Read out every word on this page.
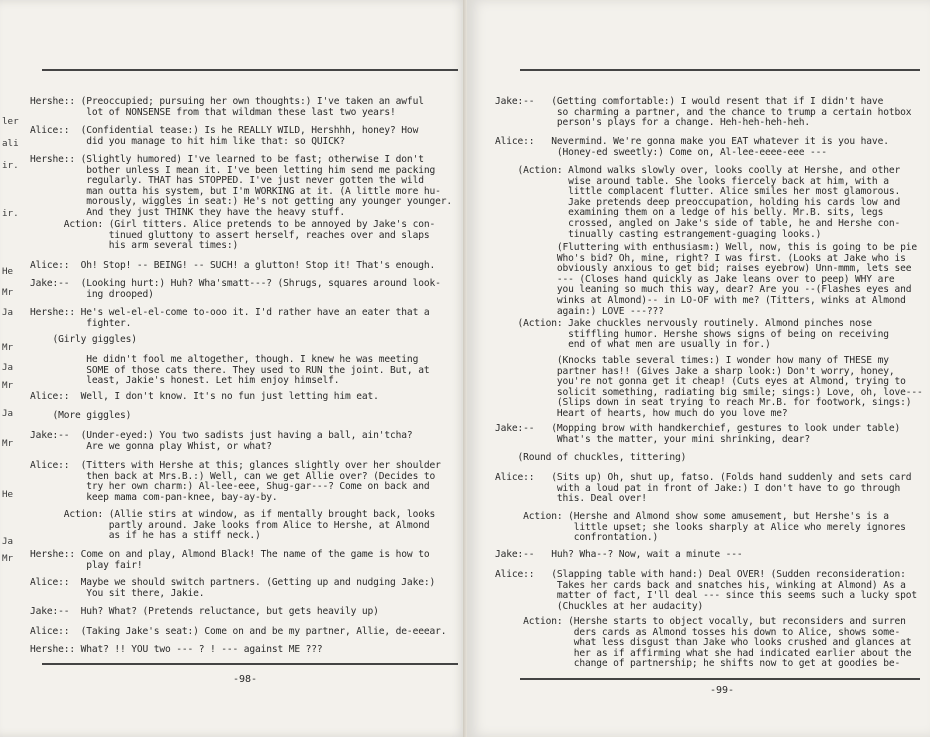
ler
ali
ir.
ir.
He
Mr
Ja
Mr
Ja
Mr
Ja
Mr
He
Ja
Mr
Hershe:: (Preoccupied; pursuing her own thoughts:) I've taken an awful
lot of NONSENSE from that wildman these last two years!
Alice::  (Confidential tease:) Is he REALLY WILD, Hershhh, honey? How
did you manage to hit him like that: so QUICK?
Hershe:: (Slightly humored) I've learned to be fast; otherwise I don't
bother unless I mean it. I've been letting him send me packing
regularly. THAT has STOPPED. I've just never gotten the wild
man outta his system, but I'm WORKING at it. (A little more hu-
morously, wiggles in seat:) He's not getting any younger younger.
And they just THINK they have the heavy stuff.
Action: (Girl titters. Alice pretends to be annoyed by Jake's con-
tinued gluttony to assert herself, reaches over and slaps
his arm several times:)
Alice::  Oh! Stop! -- BEING! -- SUCH! a glutton! Stop it! That's enough.
Jake:--  (Looking hurt:) Huh? Wha'smatt---? (Shrugs, squares around look-
ing drooped)
Hershe:: He's wel-el-el-come to-ooo it. I'd rather have an eater that a
fighter.
(Girly giggles)
He didn't fool me altogether, though. I knew he was meeting
SOME of those cats there. They used to RUN the joint. But, at
least, Jakie's honest. Let him enjoy himself.
Alice::  Well, I don't know. It's no fun just letting him eat.
(More giggles)
Jake:--  (Under-eyed:) You two sadists just having a ball, ain'tcha?
Are we gonna play Whist, or what?
Alice::  (Titters with Hershe at this; glances slightly over her shoulder
then back at Mrs.B.:) Well, can we get Allie over? (Decides to
try her own charm:) Al-lee-eee, Shug-gar---? Come on back and
keep mama com-pan-knee, bay-ay-by.
Action: (Allie stirs at window, as if mentally brought back, looks
partly around. Jake looks from Alice to Hershe, at Almond
as if he has a stiff neck.)
Hershe:: Come on and play, Almond Black! The name of the game is how to
play fair!
Alice::  Maybe we should switch partners. (Getting up and nudging Jake:)
You sit there, Jakie.
Jake:--  Huh? What? (Pretends reluctance, but gets heavily up)
Alice::  (Taking Jake's seat:) Come on and be my partner, Allie, de-eeear.
Hershe:: What? !! YOU two --- ? ! --- against ME ???
-98-
Jake:--   (Getting comfortable:) I would resent that if I didn't have
so charming a partner, and the chance to trump a certain hotbox
person's plays for a change. Heh-heh-heh-heh.
Alice::   Nevermind. We're gonna make you EAT whatever it is you have.
(Honey-ed sweetly:) Come on, Al-lee-eeee-eee ---
(Action: Almond walks slowly over, looks coolly at Hershe, and other
wise around table. She looks fiercely back at him, with a
little complacent flutter. Alice smiles her most glamorous.
Jake pretends deep preoccupation, holding his cards low and
examining them on a ledge of his belly. Mr.B. sits, legs
crossed, angled on Jake's side of table, he and Hershe con-
tinually casting estrangement-guaging looks.)
(Fluttering with enthusiasm:) Well, now, this is going to be pie
Who's bid? Oh, mine, right? I was first. (Looks at Jake who is
obviously anxious to get bid; raises eyebrow) Unn-mmm, lets see
--- (Closes hand quickly as Jake leans over to peep) WHY are
you leaning so much this way, dear? Are you --(Flashes eyes and
winks at Almond)-- in LO-OF with me? (Titters, winks at Almond
again:) LOVE ---???
(Action: Jake chuckles nervously routinely. Almond pinches nose
stiffling humor. Hershe shows signs of being on receiving
end of what men are usually in for.)
(Knocks table several times:) I wonder how many of THESE my
partner has!! (Gives Jake a sharp look:) Don't worry, honey,
you're not gonna get it cheap! (Cuts eyes at Almond, trying to
solicit something, radiating big smile; sings:) Love, oh, love---
(Slips down in seat trying to reach Mr.B. for footwork, sings:)
Heart of hearts, how much do you love me?
Jake:--   (Mopping brow with handkerchief, gestures to look under table)
What's the matter, your mini shrinking, dear?
(Round of chuckles, tittering)
Alice::   (Sits up) Oh, shut up, fatso. (Folds hand suddenly and sets card
with a loud pat in front of Jake:) I don't have to go through
this. Deal over!
Action: (Hershe and Almond show some amusement, but Hershe's is a
little upset; she looks sharply at Alice who merely ignores
confrontation.)
Jake:--   Huh? Wha--? Now, wait a minute ---
Alice::   (Slapping table with hand:) Deal OVER! (Sudden reconsideration:
Takes her cards back and snatches his, winking at Almond) As a
matter of fact, I'll deal --- since this seems such a lucky spot
(Chuckles at her audacity)
Action: (Hershe starts to object vocally, but reconsiders and surren
ders cards as Almond tosses his down to Alice, shows some-
what less disgust than Jake who looks crushed and glances at
her as if affirming what she had indicated earlier about the
change of partnership; he shifts now to get at goodies be-
-99-
